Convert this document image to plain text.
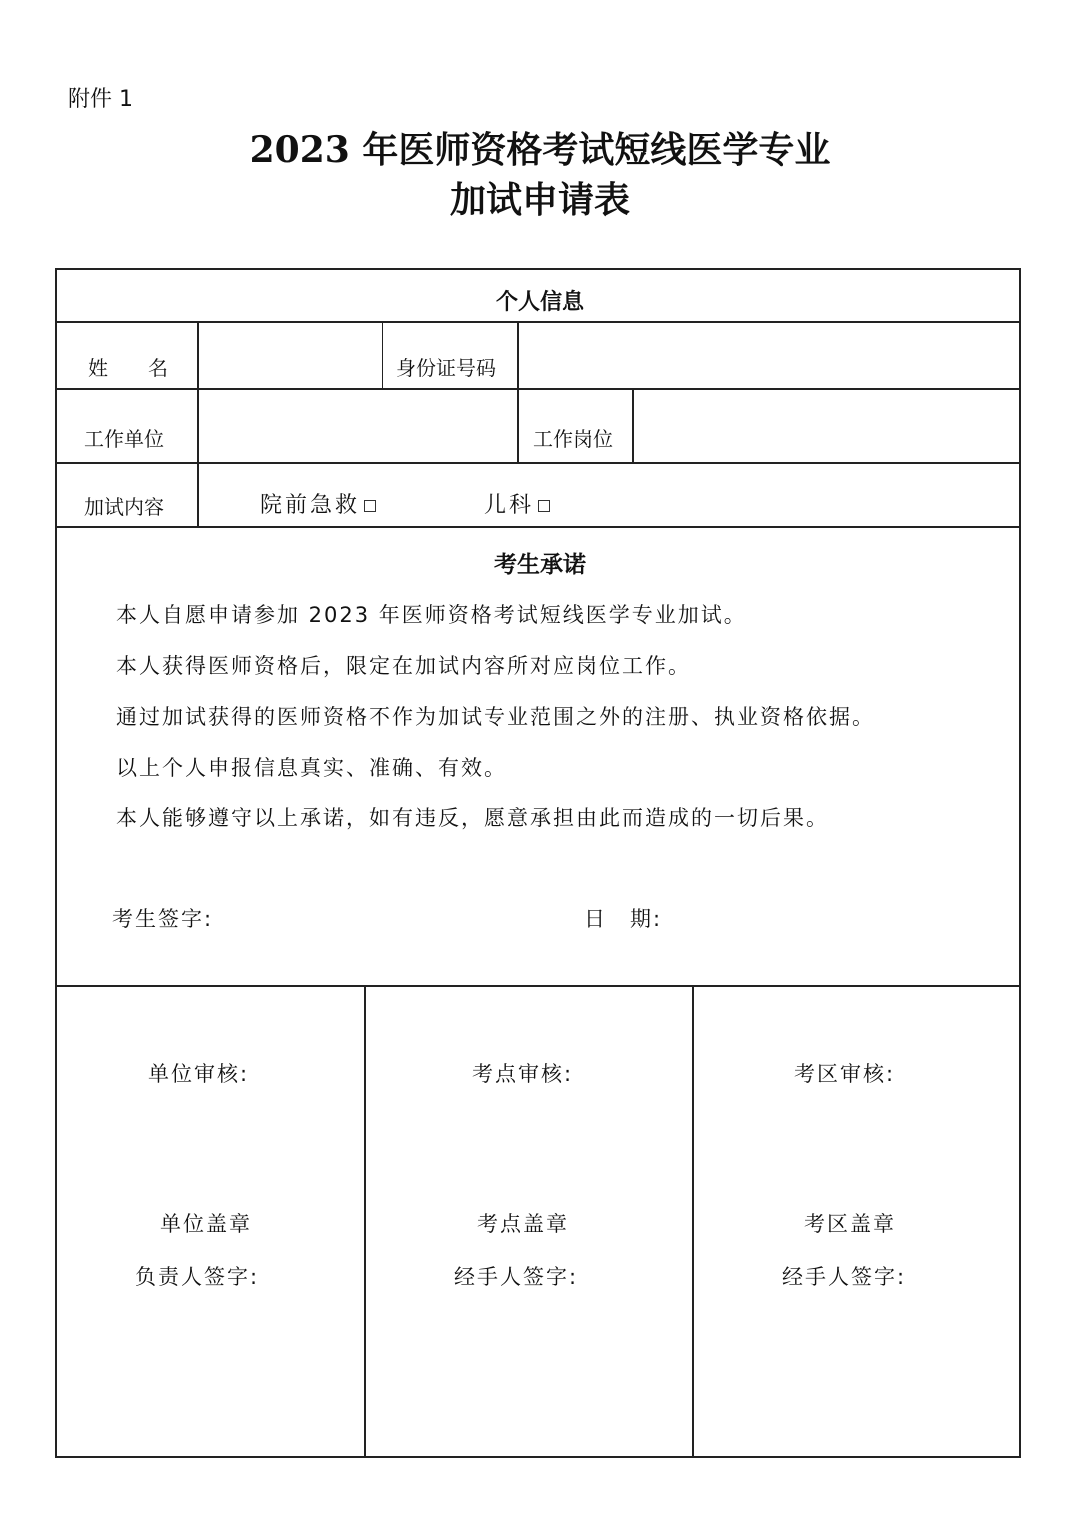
附件 1
2023 年医师资格考试短线医学专业
加试申请表
个人信息
姓　　名	身份证号码
工作单位	工作岗位
加试内容	院前急救	儿科
考生承诺
本人自愿申请参加 2023 年医师资格考试短线医学专业加试。
本人获得医师资格后，限定在加试内容所对应岗位工作。
通过加试获得的医师资格不作为加试专业范围之外的注册、执业资格依据。
以上个人申报信息真实、准确、有效。
本人能够遵守以上承诺，如有违反，愿意承担由此而造成的一切后果。
考生签字:	日　期:
单位审核:
单位盖章
负责人签字:
考点审核:
考点盖章
经手人签字:
考区审核:
考区盖章
经手人签字:
